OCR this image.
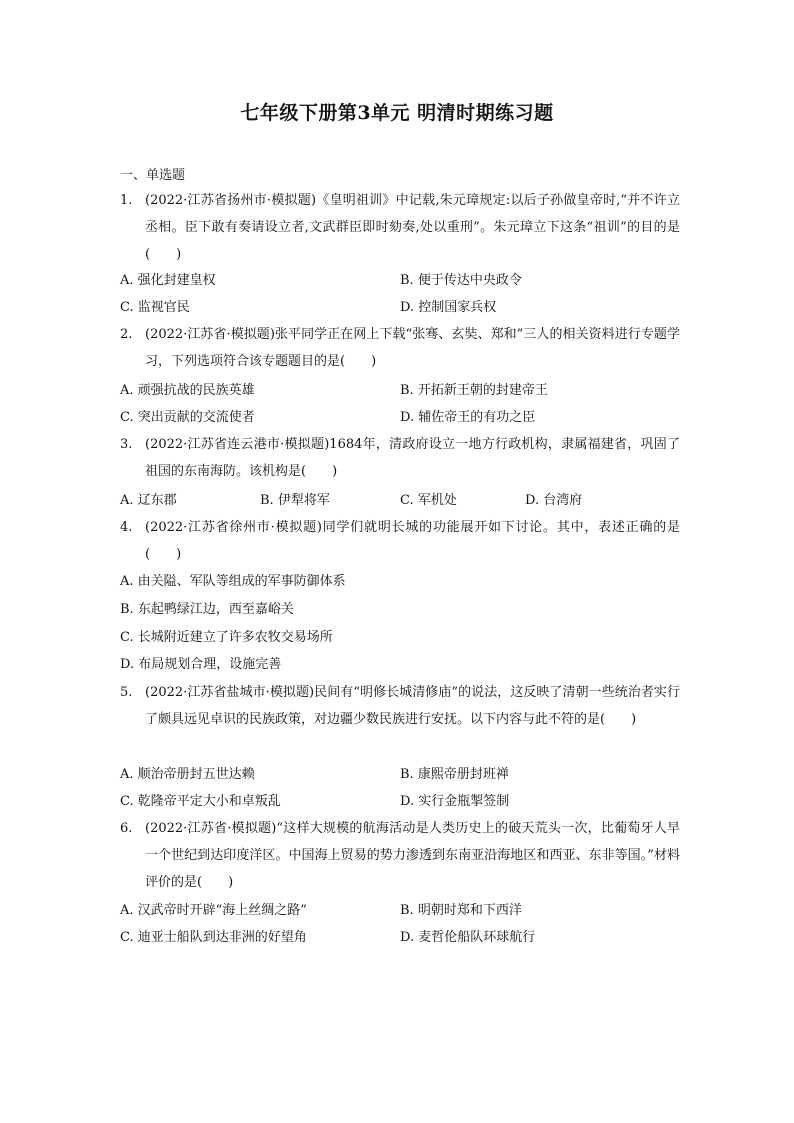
七年级下册第3单元 明清时期练习题
一、单选题
1. (2022·江苏省扬州市·模拟题)《皇明祖训》中记载,朱元璋规定:以后子孙做皇帝时,“并不许立丞相。臣下敢有奏请设立者,文武群臣即时劾奏,处以重刑”。朱元璋立下这条“祖训”的目的是(　　)
A. 强化封建皇权	B. 便于传达中央政令
C. 监视官民	D. 控制国家兵权
2. (2022·江苏省·模拟题)张平同学正在网上下载“张骞、玄奘、郑和”三人的相关资料进行专题学习，下列选项符合该专题题目的是(　　)
A. 顽强抗战的民族英雄	B. 开拓新王朝的封建帝王
C. 突出贡献的交流使者	D. 辅佐帝王的有功之臣
3. (2022·江苏省连云港市·模拟题)1684年，清政府设立一地方行政机构，隶属福建省，巩固了祖国的东南海防。该机构是(　　)
A. 辽东郡	B. 伊犁将军	C. 军机处	D. 台湾府
4. (2022·江苏省徐州市·模拟题)同学们就明长城的功能展开如下讨论。其中，表述正确的是(　　)
A. 由关隘、军队等组成的军事防御体系
B. 东起鸭绿江边，西至嘉峪关
C. 长城附近建立了许多农牧交易场所
D. 布局规划合理，设施完善
5. (2022·江苏省盐城市·模拟题)民间有“明修长城清修庙”的说法，这反映了清朝一些统治者实行了颇具远见卓识的民族政策，对边疆少数民族进行安抚。以下内容与此不符的是(　　)
A. 顺治帝册封五世达赖	B. 康熙帝册封班禅
C. 乾隆帝平定大小和卓叛乱	D. 实行金瓶掣签制
6. (2022·江苏省·模拟题)“这样大规模的航海活动是人类历史上的破天荒头一次，比葡萄牙人早一个世纪到达印度洋区。中国海上贸易的势力渗透到东南亚沿海地区和西亚、东非等国。”材料评价的是(　　)
A. 汉武帝时开辟“海上丝绸之路”	B. 明朝时郑和下西洋
C. 迪亚士船队到达非洲的好望角	D. 麦哲伦船队环球航行
